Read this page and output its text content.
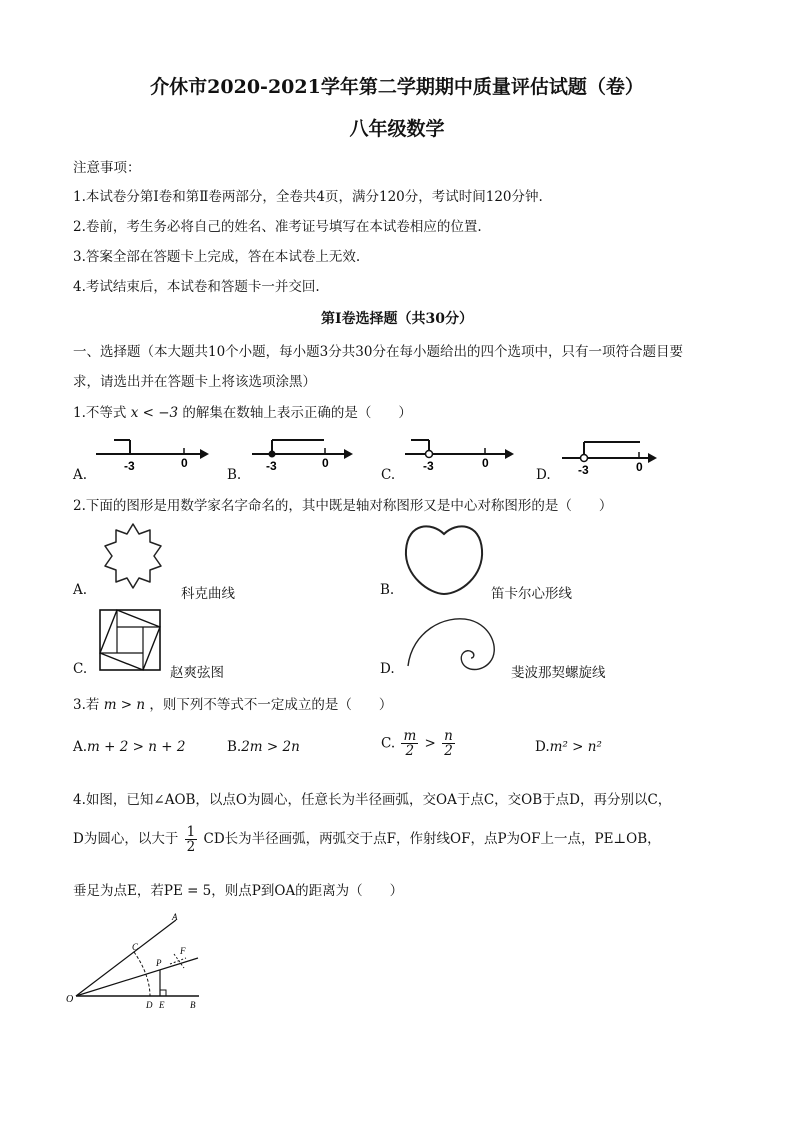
介休市2020-2021学年第二学期期中质量评估试题（卷）
八年级数学
注意事项：
1.本试卷分第Ⅰ卷和第Ⅱ卷两部分，全卷共4页，满分120分，考试时间120分钟.
2.卷前，考生务必将自己的姓名、准考证号填写在本试卷相应的位置.
3.答案全部在答题卡上完成，答在本试卷上无效.
4.考试结束后，本试卷和答题卡一并交回.
第Ⅰ卷选择题（共30分）
一、选择题（本大题共10个小题，每小题3分共30分在每小题给出的四个选项中，只有一项符合题目要
求，请选出并在答题卡上将该选项涂黑）
1.不等式 x < −3 的解集在数轴上表示正确的是（　　）
A.
-3	0
B.
-3	0
C.
-3	0
D. -3	0
2.下面的图形是用数学家名字命名的，其中既是轴对称图形又是中心对称图形的是（　　）
A.	科克曲线	B.	笛卡尔心形线
C.	赵爽弦图	D.	斐波那契螺旋线
3.若 m > n ，则下列不等式不一定成立的是（　　）
A.m + 2 > n + 2	B.2m > 2n	C. $\frac{m}{2} > \frac{n}{2}$	D.m² > n²
4.如图，已知∠AOB，以点O为圆心，任意长为半径画弧，交OA于点C，交OB于点D，再分别以C，
D为圆心，以大于 $\frac{1}{2}$ CD长为半径画弧，两弧交于点F，作射线OF，点P为OF上一点，PE⊥OB，
垂足为点E，若PE = 5，则点P到OA的距离为（　　）
O
A
B
C
D E
F
P
